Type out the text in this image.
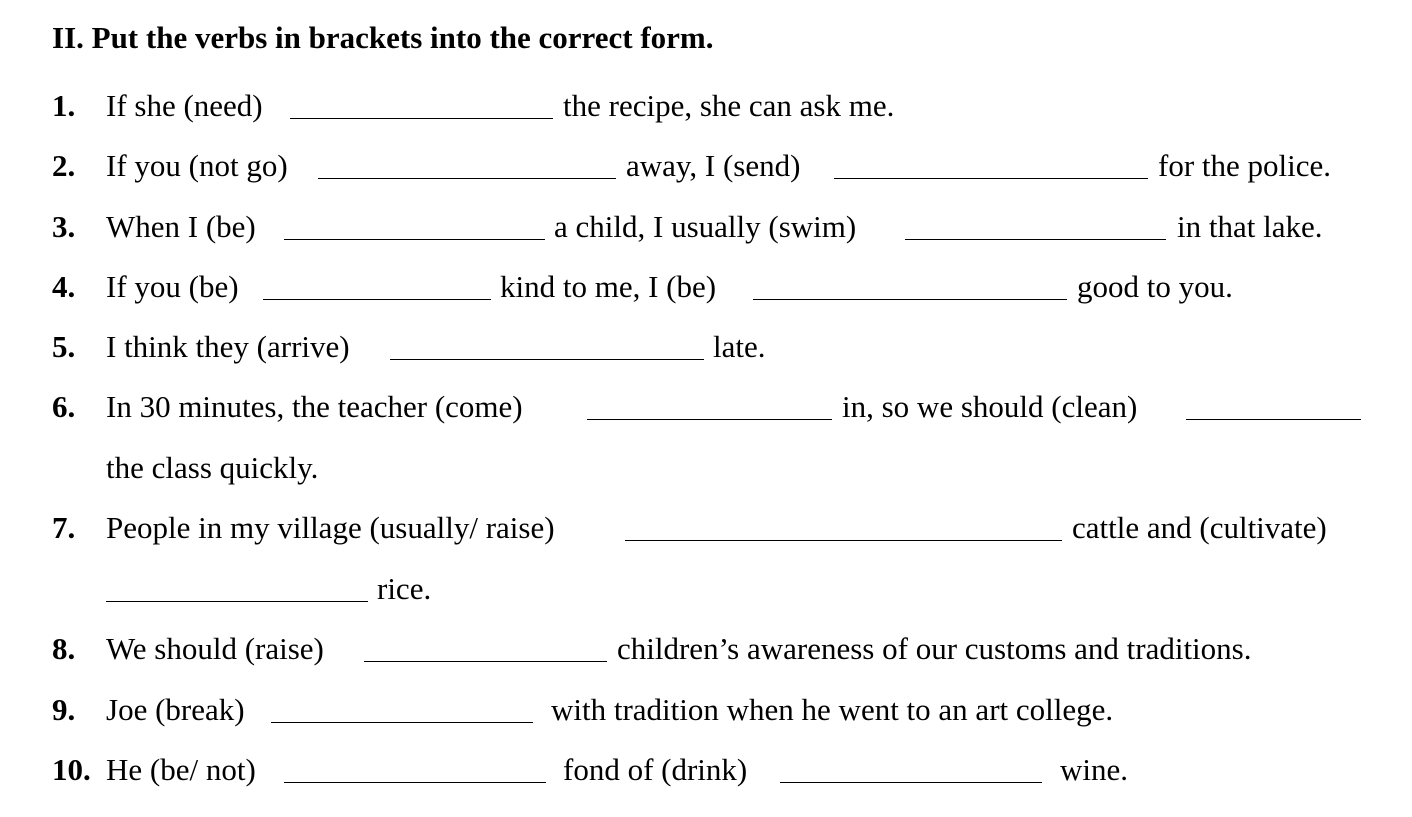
II. Put the verbs in brackets into the correct form.
1. If she (need)	the recipe, she can ask me.
2. If you (not go)	away, I (send)	for the police.
3. When I (be)	a child, I usually (swim)	in that lake.
4. If you (be)	kind to me, I (be)	good to you.
5. I think they (arrive)	late.
6. In 30 minutes, the teacher (come)	in, so we should (clean)
the class quickly.
7. People in my village (usually/ raise)	cattle and (cultivate)
rice.
8. We should (raise)	children’s awareness of our customs and traditions.
9. Joe (break)	with tradition when he went to an art college.
10. He (be/ not)	fond of (drink)	wine.
